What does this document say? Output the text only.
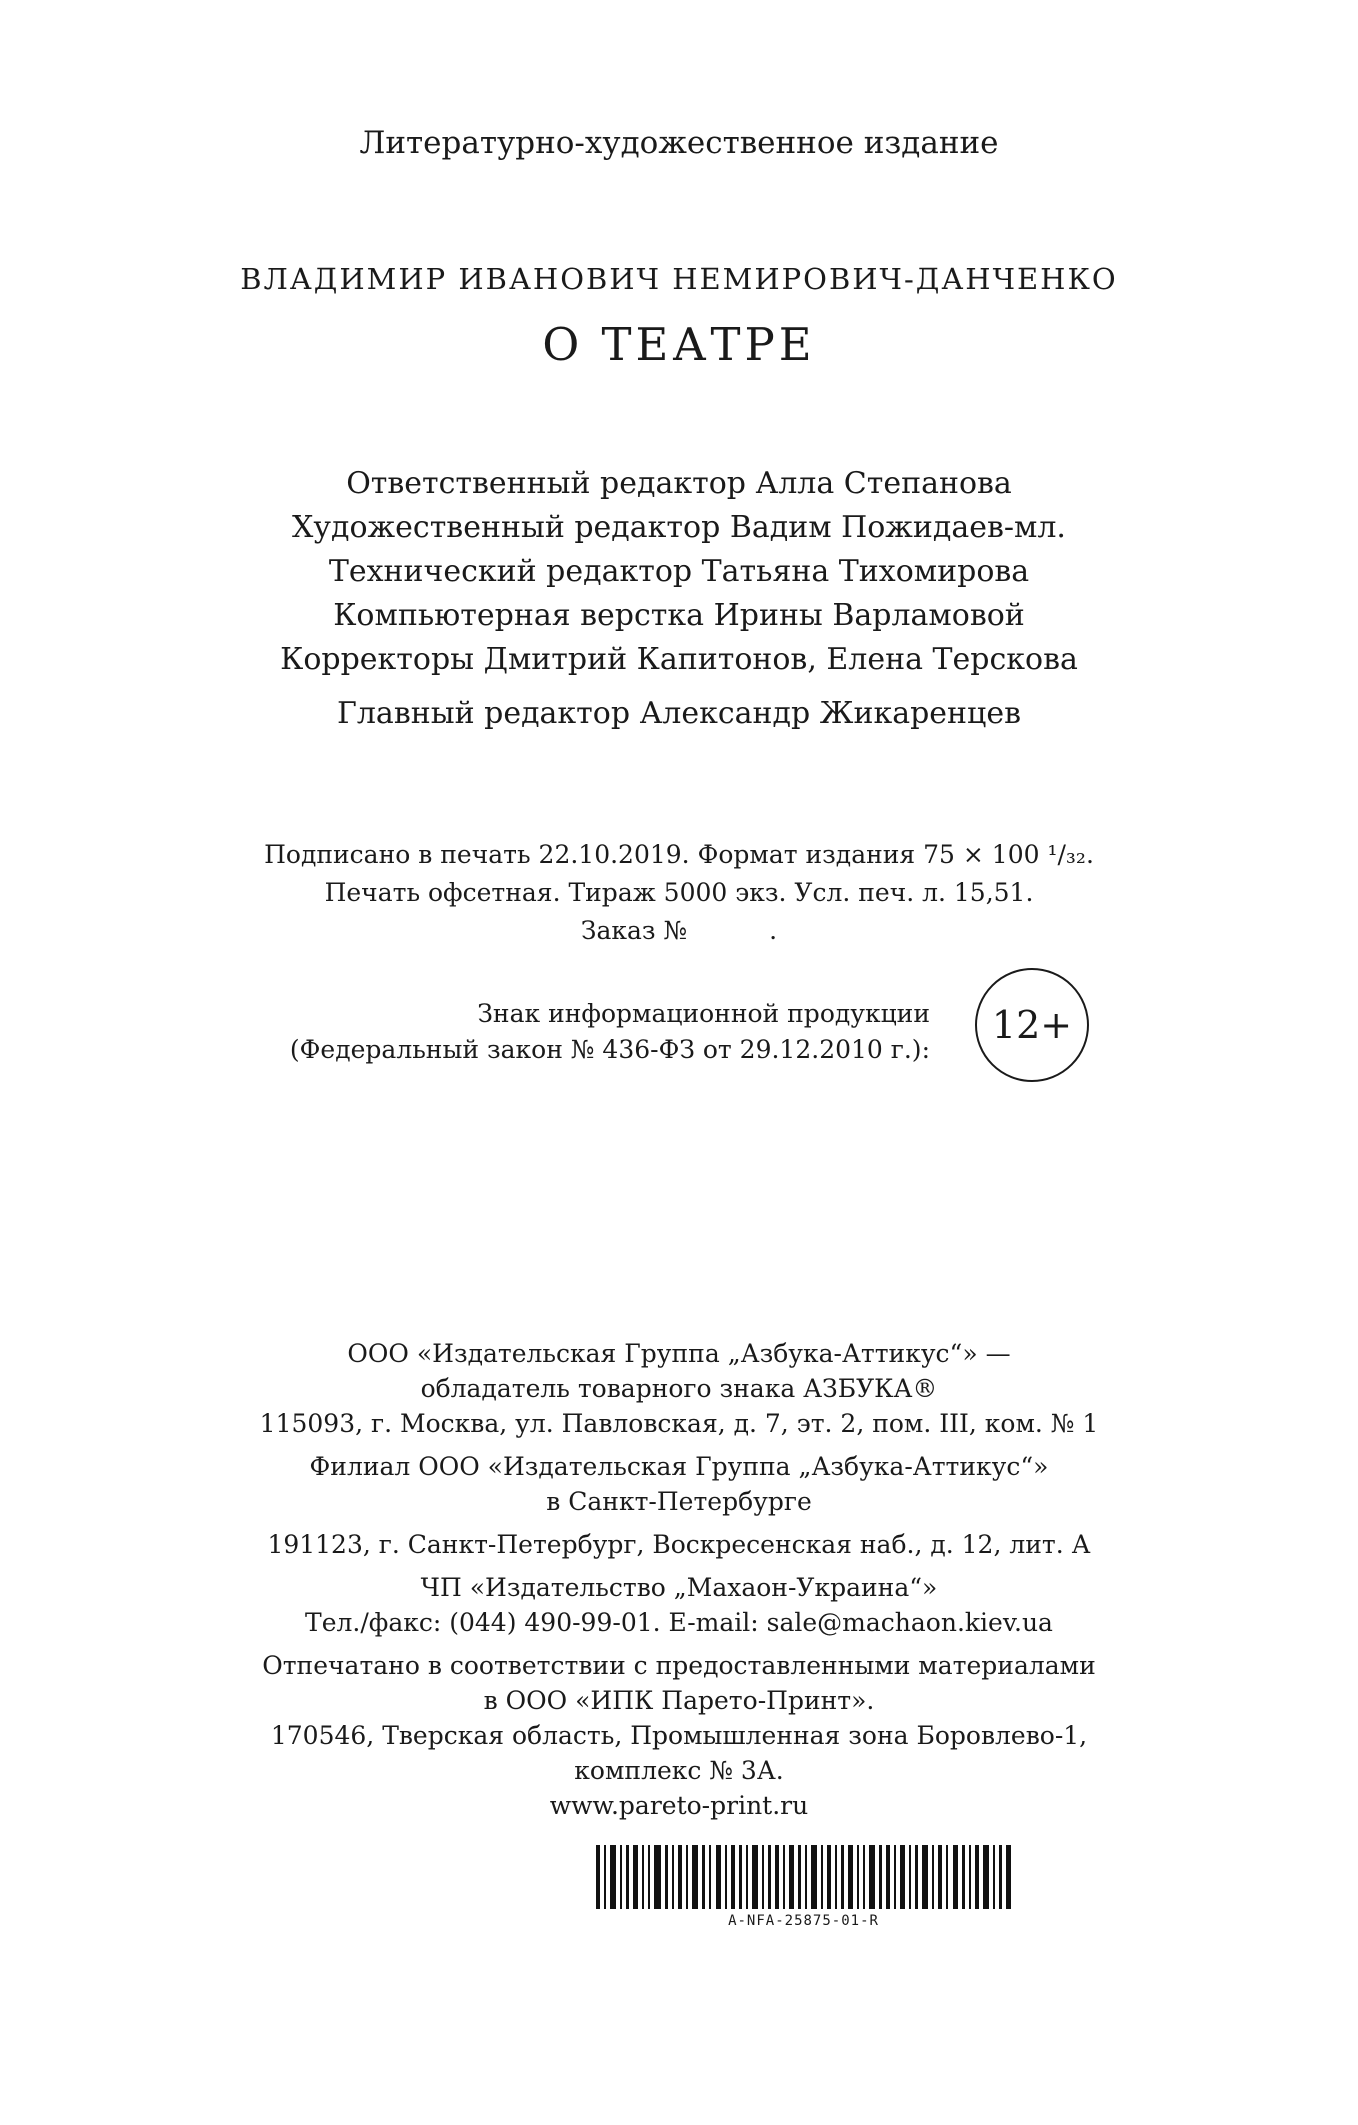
Литературно-художественное издание
ВЛАДИМИР ИВАНОВИЧ НЕМИРОВИЧ-ДАНЧЕНКО
О ТЕАТРЕ
Ответственный редактор Алла Степанова
Художественный редактор Вадим Пожидаев-мл.
Технический редактор Татьяна Тихомирова
Компьютерная верстка Ирины Варламовой
Корректоры Дмитрий Капитонов, Елена Терскова
Главный редактор Александр Жикаренцев
Подписано в печать 22.10.2019. Формат издания 75 × 100 ¹/₃₂.
Печать офсетная. Тираж 5000 экз. Усл. печ. л. 15,51.
Заказ №	.
Знак информационной продукции
(Федеральный закон № 436-ФЗ от 29.12.2010 г.):
12+
ООО «Издательская Группа „Азбука-Аттикус“» —
обладатель товарного знака АЗБУКА®
115093, г. Москва, ул. Павловская, д. 7, эт. 2, пом. III, ком. № 1
Филиал ООО «Издательская Группа „Азбука-Аттикус“»
в Санкт-Петербурге
191123, г. Санкт-Петербург, Воскресенская наб., д. 12, лит. А
ЧП «Издательство „Махаон-Украина“»
Тел./факс: (044) 490-99-01. E-mail: sale@machaon.kiev.ua
Отпечатано в соответствии с предоставленными материалами
в ООО «ИПК Парето-Принт».
170546, Тверская область, Промышленная зона Боровлево-1,
комплекс № 3А.
www.pareto-print.ru
A-NFA-25875-01-R
